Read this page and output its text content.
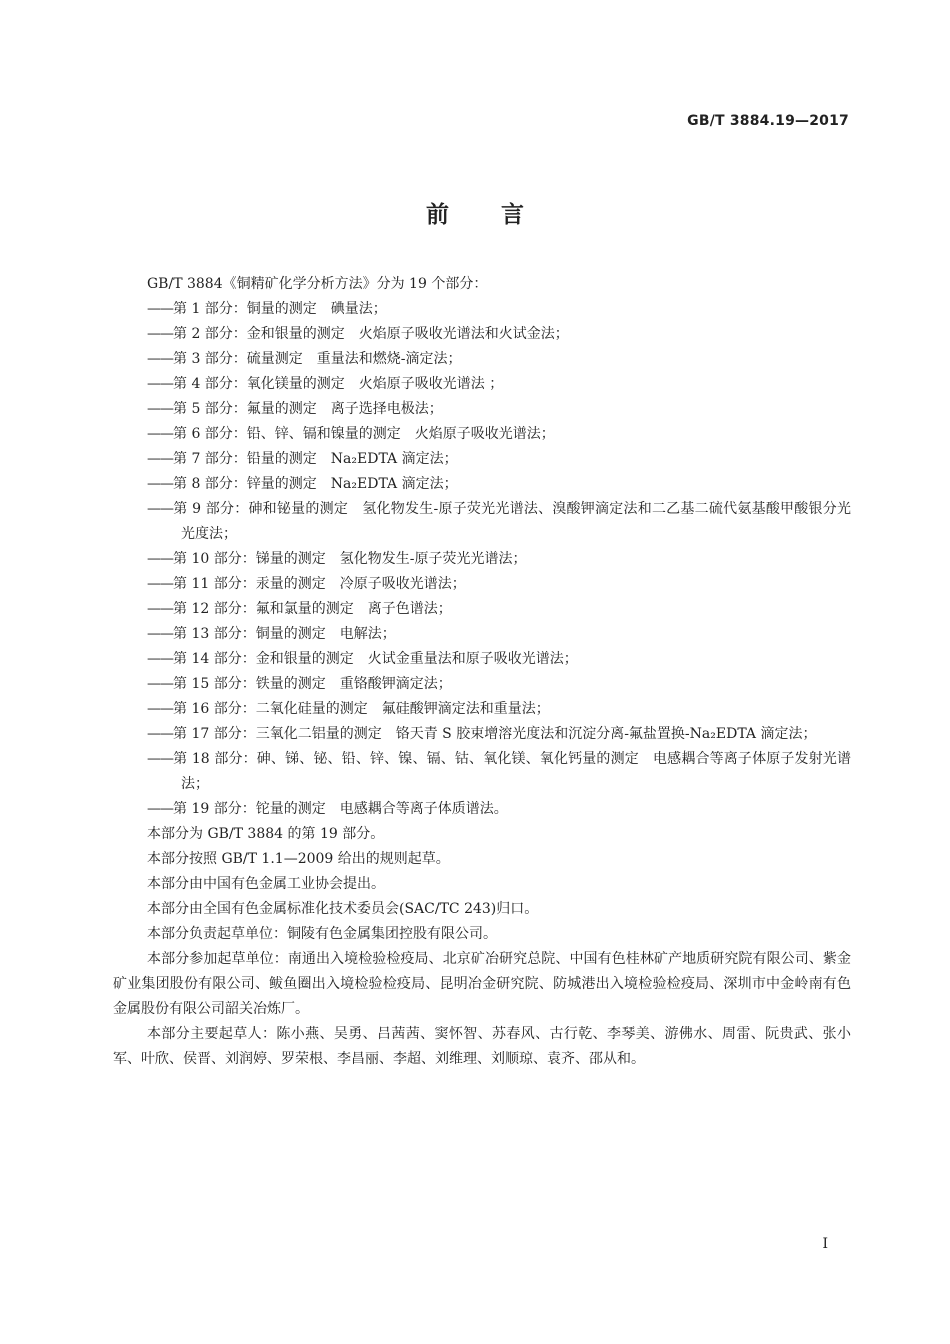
GB/T 3884.19—2017
前言

GB/T 3884《铜精矿化学分析方法》分为 19 个部分：

——第 1 部分：铜量的测定　碘量法；

——第 2 部分：金和银量的测定　火焰原子吸收光谱法和火试金法；

——第 3 部分：硫量测定　重量法和燃烧-滴定法；

——第 4 部分：氧化镁量的测定　火焰原子吸收光谱法 ；

——第 5 部分：氟量的测定　离子选择电极法；

——第 6 部分：铅、锌、镉和镍量的测定　火焰原子吸收光谱法；

——第 7 部分：铅量的测定　Na₂EDTA 滴定法；

——第 8 部分：锌量的测定　Na₂EDTA 滴定法；

——第 9 部分：砷和铋量的测定　氢化物发生-原子荧光光谱法、溴酸钾滴定法和二乙基二硫代氨基酸甲酸银分光光度法；

——第 10 部分：锑量的测定　氢化物发生-原子荧光光谱法；

——第 11 部分：汞量的测定　冷原子吸收光谱法；

——第 12 部分：氟和氯量的测定　离子色谱法；

——第 13 部分：铜量的测定　电解法；

——第 14 部分：金和银量的测定　火试金重量法和原子吸收光谱法；

——第 15 部分：铁量的测定　重铬酸钾滴定法；

——第 16 部分：二氧化硅量的测定　氟硅酸钾滴定法和重量法；

——第 17 部分：三氧化二铝量的测定　铬天青 S 胶束增溶光度法和沉淀分离-氟盐置换-Na₂EDTA 滴定法；

——第 18 部分：砷、锑、铋、铅、锌、镍、镉、钴、氧化镁、氧化钙量的测定　电感耦合等离子体原子发射光谱法；

——第 19 部分：铊量的测定　电感耦合等离子体质谱法。

本部分为 GB/T 3884 的第 19 部分。

本部分按照 GB/T 1.1—2009 给出的规则起草。

本部分由中国有色金属工业协会提出。

本部分由全国有色金属标准化技术委员会(SAC/TC 243)归口。

本部分负责起草单位：铜陵有色金属集团控股有限公司。

本部分参加起草单位：南通出入境检验检疫局、北京矿冶研究总院、中国有色桂林矿产地质研究院有限公司、紫金矿业集团股份有限公司、鲅鱼圈出入境检验检疫局、昆明冶金研究院、防城港出入境检验检疫局、深圳市中金岭南有色金属股份有限公司韶关冶炼厂。

本部分主要起草人：陈小燕、吴勇、吕茜茜、窦怀智、苏春风、古行乾、李琴美、游佛水、周雷、阮贵武、张小军、叶欣、侯晋、刘润婷、罗荣根、李昌丽、李超、刘维理、刘顺琼、袁齐、邵从和。

I
